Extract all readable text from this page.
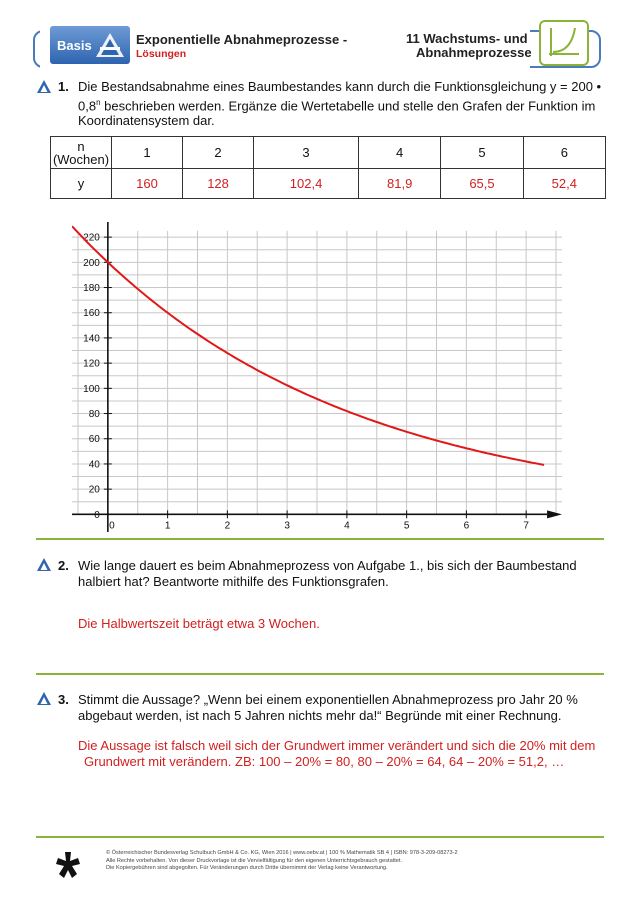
Basis	Exponentielle Abnahmeprozesse -
Lösungen
11 Wachstums- und
Abnahmeprozesse
1. Die Bestandsabnahme eines Baumbestandes kann durch die Funktionsgleichung y = 200 •
0,8$^n$ beschrieben werden. Ergänze die Wertetabelle und stelle den Grafen der Funktion im
Koordinatensystem dar.
n
(Wochen)	1	2	3	4	5	6
y	160	128	102,4	81,9	65,5	52,4
0	1	2	3	4	5	6	7
0
20
40
60
80
100
120
140
160
180
200
220
2. Wie lange dauert es beim Abnahmeprozess von Aufgabe 1., bis sich der Baumbestand
halbiert hat? Beantworte mithilfe des Funktionsgrafen.
Die Halbwertszeit beträgt etwa 3 Wochen.
3. Stimmt die Aussage? „Wenn bei einem exponentiellen Abnahmeprozess pro Jahr 20 %
abgebaut werden, ist nach 5 Jahren nichts mehr da!“ Begründe mit einer Rechnung.
Die Aussage ist falsch weil sich der Grundwert immer verändert und sich die 20% mit dem
Grundwert mit verändern. ZB: 100 – 20% = 80, 80 – 20% = 64, 64 – 20% = 51,2, …
© Österreichischer Bundesverlag Schulbuch GmbH & Co. KG, Wien 2016 | www.oebv.at | 100 % Mathematik SB 4 | ISBN: 978-3-209-08273-2
Alle Rechte vorbehalten. Von dieser Druckvorlage ist die Vervielfältigung für den eigenen Unterrichtsgebrauch gestattet.
Die Kopiergebühren sind abgegolten. Für Veränderungen durch Dritte übernimmt der Verlag keine Verantwortung.
